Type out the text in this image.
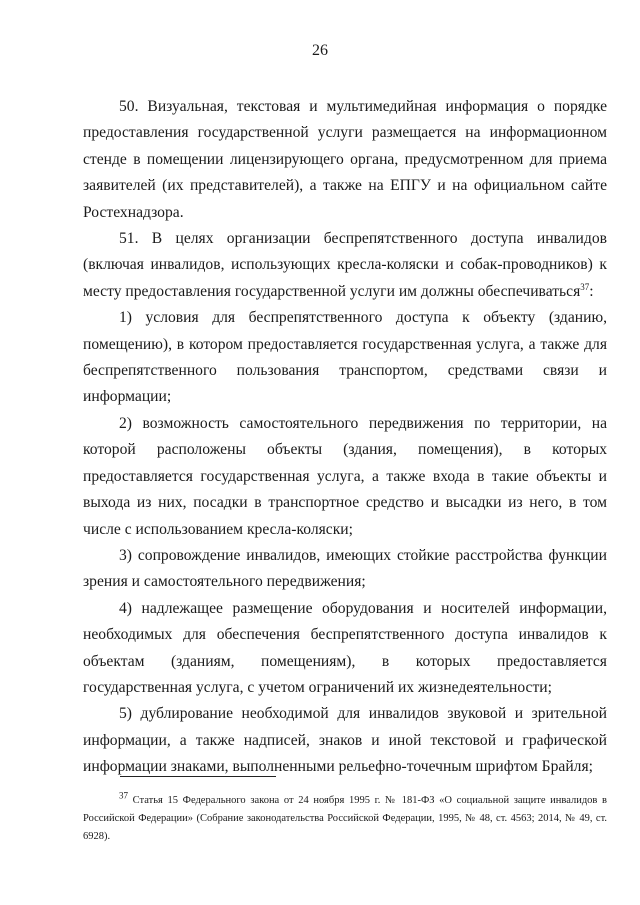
26

50. Визуальная, текстовая и мультимедийная информация о порядке предоставления государственной услуги размещается на информационном стенде в помещении лицензирующего органа, предусмотренном для приема заявителей (их представителей), а также на ЕПГУ и на официальном сайте Ростехнадзора.

51. В целях организации беспрепятственного доступа инвалидов (включая инвалидов, использующих кресла-коляски и собак-проводников) к месту предоставления государственной услуги им должны обеспечиваться$^{37}$:

1) условия для беспрепятственного доступа к объекту (зданию, помещению), в котором предоставляется государственная услуга, а также для беспрепятственного пользования транспортом, средствами связи и информации;

2) возможность самостоятельного передвижения по территории, на которой расположены объекты (здания, помещения), в которых предоставляется государственная услуга, а также входа в такие объекты и выхода из них, посадки в транспортное средство и высадки из него, в том числе с использованием кресла-коляски;

3) сопровождение инвалидов, имеющих стойкие расстройства функции зрения и самостоятельного передвижения;

4) надлежащее размещение оборудования и носителей информации, необходимых для обеспечения беспрепятственного доступа инвалидов к объектам (зданиям, помещениям), в которых предоставляется государственная услуга, с учетом ограничений их жизнедеятельности;

5) дублирование необходимой для инвалидов звуковой и зрительной информации, а также надписей, знаков и иной текстовой и графической информации знаками, выполненными рельефно-точечным шрифтом Брайля;

$^{37}$ Статья 15 Федерального закона от 24 ноября 1995 г. № 181-ФЗ «О социальной защите инвалидов в Российской Федерации» (Собрание законодательства Российской Федерации, 1995, № 48, ст. 4563; 2014, № 49, ст. 6928).
